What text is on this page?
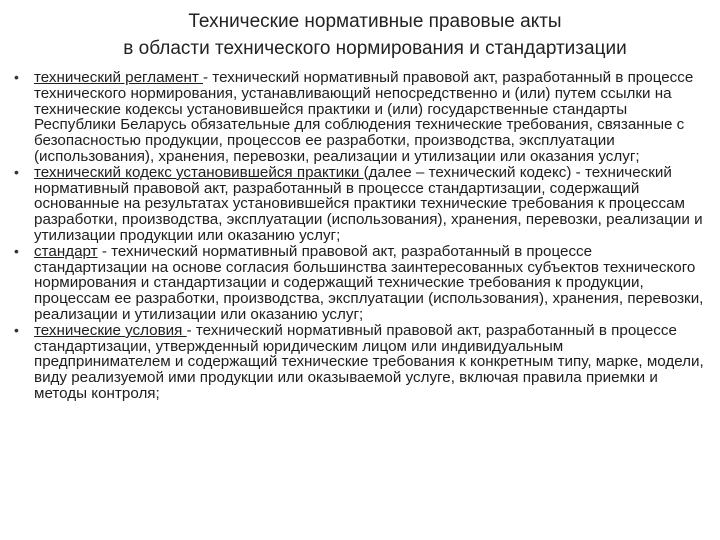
Технические нормативные правовые акты
в области технического нормирования и стандартизации
• технический регламент - технический нормативный правовой акт, разработанный в процессе технического нормирования, устанавливающий непосредственно и (или) путем ссылки на технические кодексы установившейся практики и (или) государственные стандарты Республики Беларусь обязательные для соблюдения технические требования, связанные с безопасностью продукции, процессов ее разработки, производства, эксплуатации (использования), хранения, перевозки, реализации и утилизации или оказания услуг;
• технический кодекс установившейся практики (далее – технический кодекс) - технический нормативный правовой акт, разработанный в процессе стандартизации, содержащий основанные на результатах установившейся практики технические требования к процессам разработки, производства, эксплуатации (использования), хранения, перевозки, реализации и утилизации продукции или оказанию услуг;
• стандарт - технический нормативный правовой акт, разработанный в процессе стандартизации на основе согласия большинства заинтересованных субъектов технического нормирования и стандартизации и содержащий технические требования к продукции, процессам ее разработки, производства, эксплуатации (использования), хранения, перевозки, реализации и утилизации или оказанию услуг;
• технические условия - технический нормативный правовой акт, разработанный в процессе стандартизации, утвержденный юридическим лицом или индивидуальным предпринимателем и содержащий технические требования к конкретным типу, марке, модели, виду реализуемой ими продукции или оказываемой услуге, включая правила приемки и методы контроля;
